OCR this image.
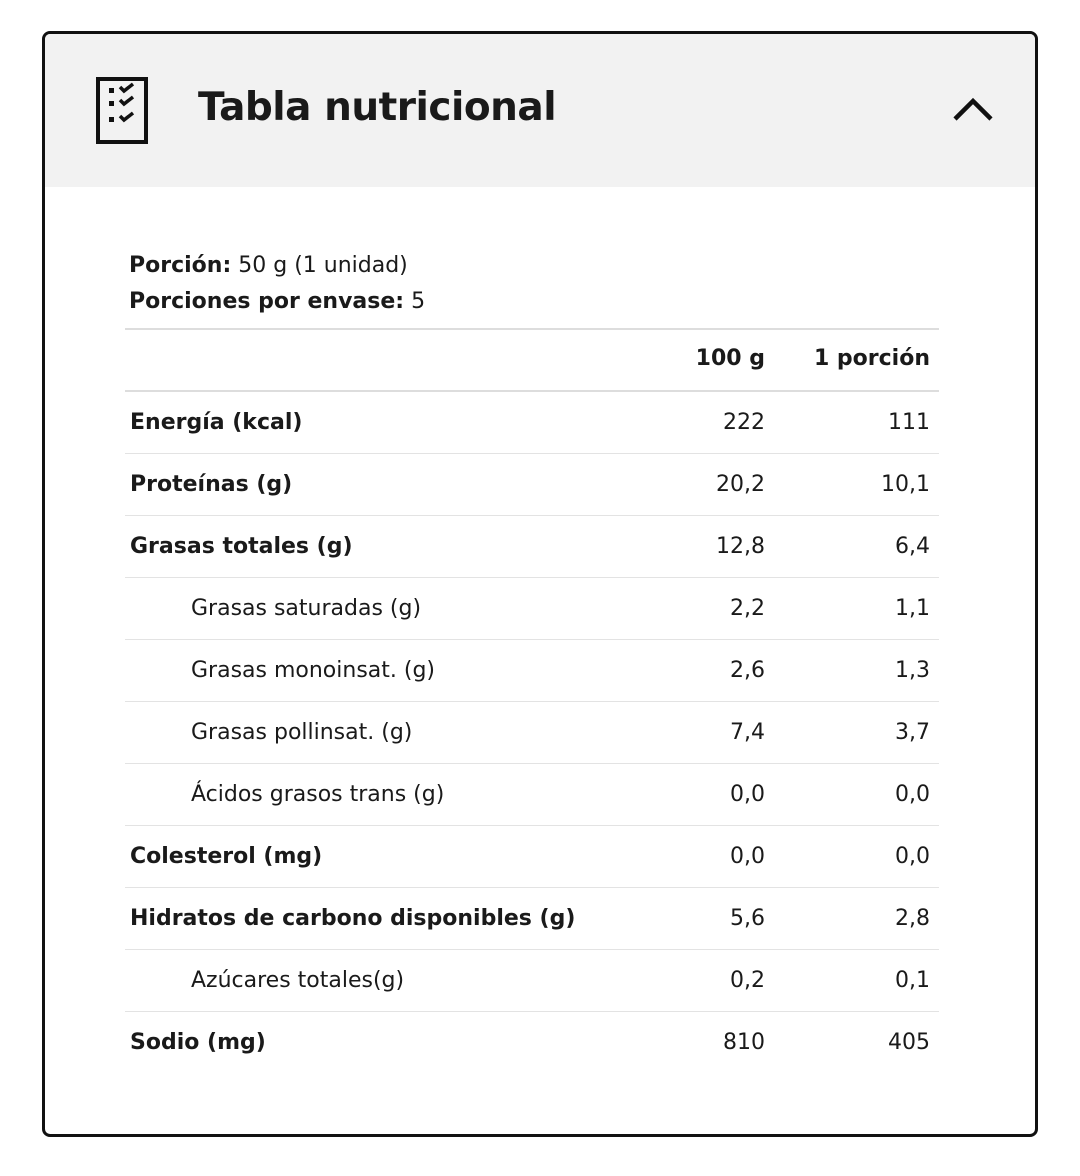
Tabla nutricional
Porción: 50 g (1 unidad)
Porciones por envase: 5
100 g 1 porción
Energía (kcal)	222	111
Proteínas (g)	20,2	10,1
Grasas totales (g)	12,8	6,4
Grasas saturadas (g)	2,2	1,1
Grasas monoinsat. (g)	2,6	1,3
Grasas pollinsat. (g)	7,4	3,7
Ácidos grasos trans (g)	0,0	0,0
Colesterol (mg)	0,0	0,0
Hidratos de carbono disponibles (g)	5,6	2,8
Azúcares totales(g)	0,2	0,1
Sodio (mg)	810	405
